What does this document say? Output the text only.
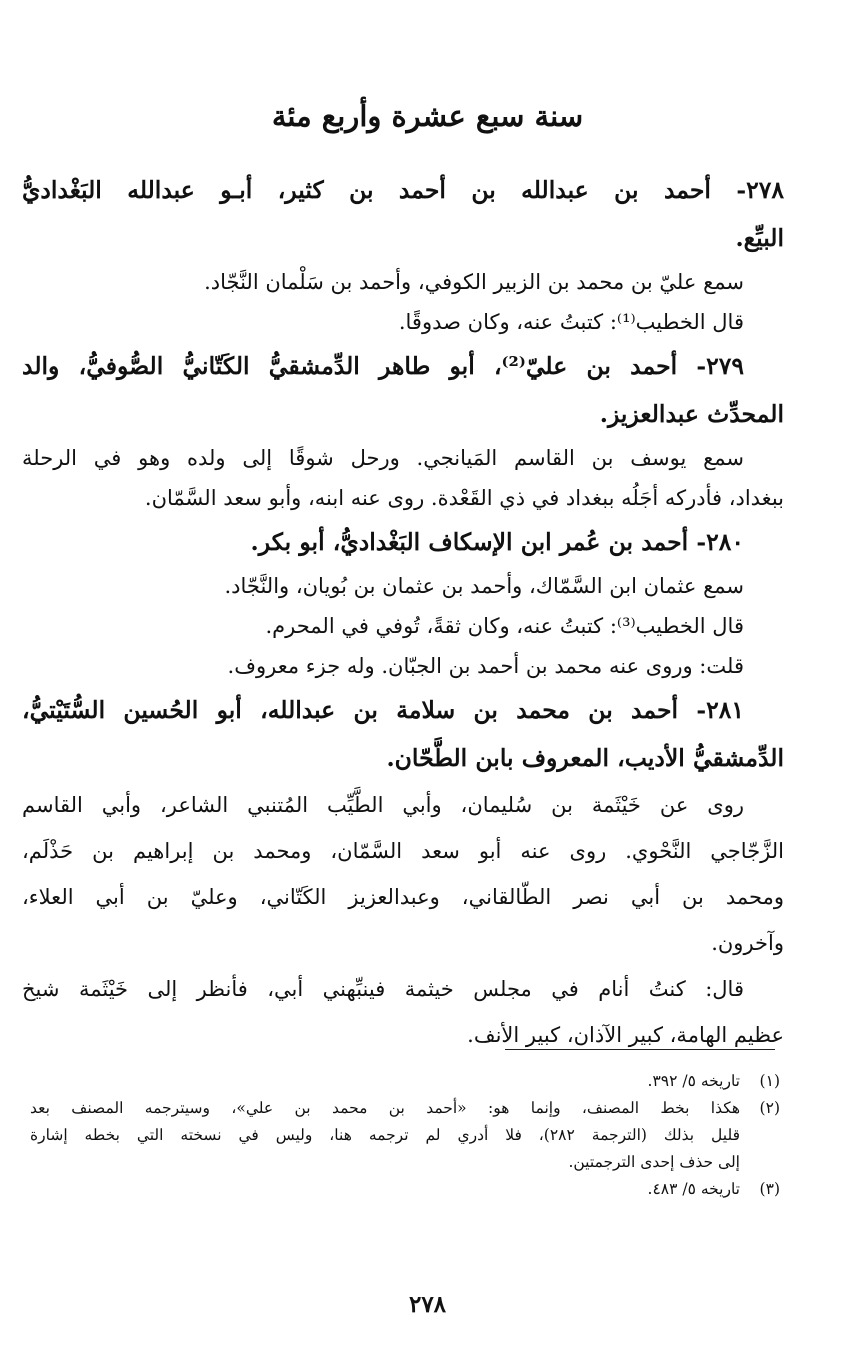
سنة سبع عشرة وأربع مئة
٢٧٨- أحمد بن عبدالله بن أحمد بن كثير، أبـو عبدالله البَغْداديُّ
البيِّع.
سمع عليّ بن محمد بن الزبير الكوفي، وأحمد بن سَلْمان النَّجّاد.
قال الخطيب⁽¹⁾: كتبتُ عنه، وكان صدوقًا.
٢٧٩- أحمد بن عليّ⁽²⁾، أبو طاهر الدِّمشقيُّ الكَتّانيُّ الصُّوفيُّ، والد
المحدِّث عبدالعزيز.
سمع يوسف بن القاسم المَيانجي. ورحل شوقًا إلى ولده وهو في الرحلة
ببغداد، فأدركه أجَلُه ببغداد في ذي القَعْدة. روى عنه ابنه، وأبو سعد السَّمّان.
٢٨٠- أحمد بن عُمر ابن الإسكاف البَغْداديُّ، أبو بكر.
سمع عثمان ابن السَّمّاك، وأحمد بن عثمان بن بُويان، والنَّجّاد.
قال الخطيب⁽³⁾: كتبتُ عنه، وكان ثقةً، تُوفي في المحرم.
قلت: وروى عنه محمد بن أحمد بن الجبّان. وله جزء معروف.
٢٨١- أحمد بن محمد بن سلامة بن عبدالله، أبو الحُسين السُّتَيْتيُّ،
الدِّمشقيُّ الأديب، المعروف بابن الطَّحّان.
روى عن خَيْثَمة بن سُليمان، وأبي الطَّيِّب المُتنبي الشاعر، وأبي القاسم
الزَّجّاجي النَّحْوي. روى عنه أبو سعد السَّمّان، ومحمد بن إبراهيم بن حَذْلَم،
ومحمد بن أبي نصر الطّالقاني، وعبدالعزيز الكَتّاني، وعليّ بن أبي العلاء،
وآخرون.
قال: كنتُ أنام في مجلس خيثمة فينبِّهني أبي، فأنظر إلى خَيْثَمة شيخ
عظيم الهامة، كبير الآذان، كبير الأنف.
(١)
تاريخه ٥/ ٣٩٢.
(٢)
هكذا بخط المصنف، وإنما هو: «أحمد بن محمد بن علي»، وسيترجمه المصنف بعد
قليل بذلك (الترجمة ٢٨٢)، فلا أدري لم ترجمه هنا، وليس في نسخته التي بخطه إشارة
إلى حذف إحدى الترجمتين.
(٣)
تاريخه ٥/ ٤٨٣.
٢٧٨
